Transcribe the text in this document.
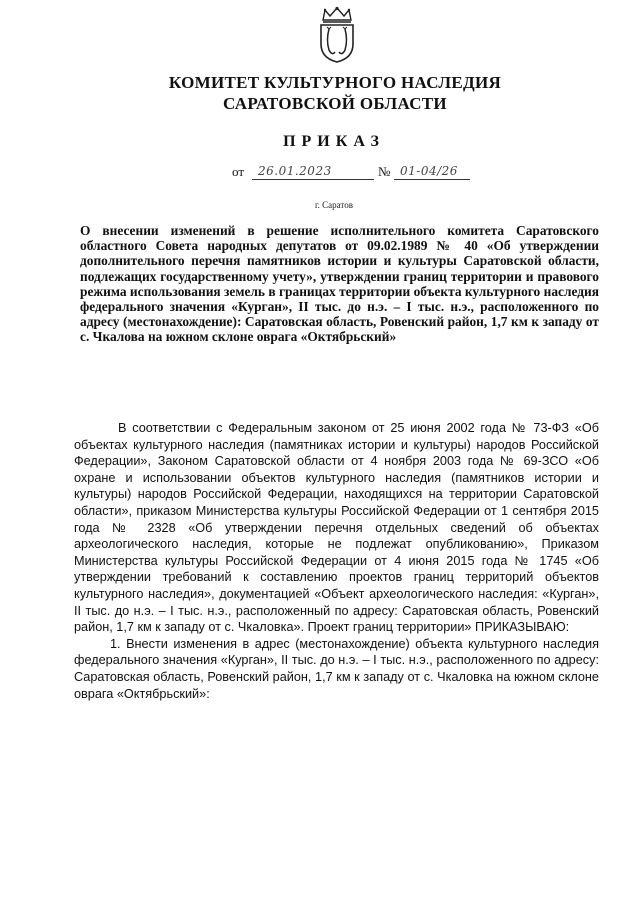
КОМИТЕТ КУЛЬТУРНОГО НАСЛЕДИЯ
САРАТОВСКОЙ ОБЛАСТИ
ПРИКАЗ
от 26.01.2023	№ 01-04/26
г. Саратов
О внесении изменений в решение исполнительного комитета Саратовского областного Совета народных депутатов от 09.02.1989 № 40 «Об утверждении дополнительного перечня памятников истории и культуры Саратовской области, подлежащих государственному учету», утверждении границ территории и правового режима использования земель в границах территории объекта культурного наследия федерального значения «Курган», II тыс. до н.э. – I тыс. н.э., расположенного по адресу (местонахождение): Саратовская область, Ровенский район, 1,7 км к западу от с. Чкалова на южном склоне оврага «Октябрьский»

В соответствии с Федеральным законом от 25 июня 2002 года № 73-ФЗ «Об объектах культурного наследия (памятниках истории и культуры) народов Российской Федерации», Законом Саратовской области от 4 ноября 2003 года № 69-ЗСО «Об охране и использовании объектов культурного наследия (памятников истории и культуры) народов Российской Федерации, находящихся на территории Саратовской области», приказом Министерства культуры Российской Федерации от 1 сентября 2015 года № 2328 «Об утверждении перечня отдельных сведений об объектах археологического наследия, которые не подлежат опубликованию», Приказом Министерства культуры Российской Федерации от 4 июня 2015 года № 1745 «Об утверждении требований к составлению проектов границ территорий объектов культурного наследия», документацией «Объект археологического наследия: «Курган», II тыс. до н.э. – I тыс. н.э., расположенный по адресу: Саратовская область, Ровенский район, 1,7 км к западу от с. Чкаловка». Проект границ территории» ПРИКАЗЫВАЮ:

1. Внести изменения в адрес (местонахождение) объекта культурного наследия федерального значения «Курган», II тыс. до н.э. – I тыс. н.э., расположенного по адресу: Саратовская область, Ровенский район, 1,7 км к западу от с. Чкаловка на южном склоне оврага «Октябрьский»:
